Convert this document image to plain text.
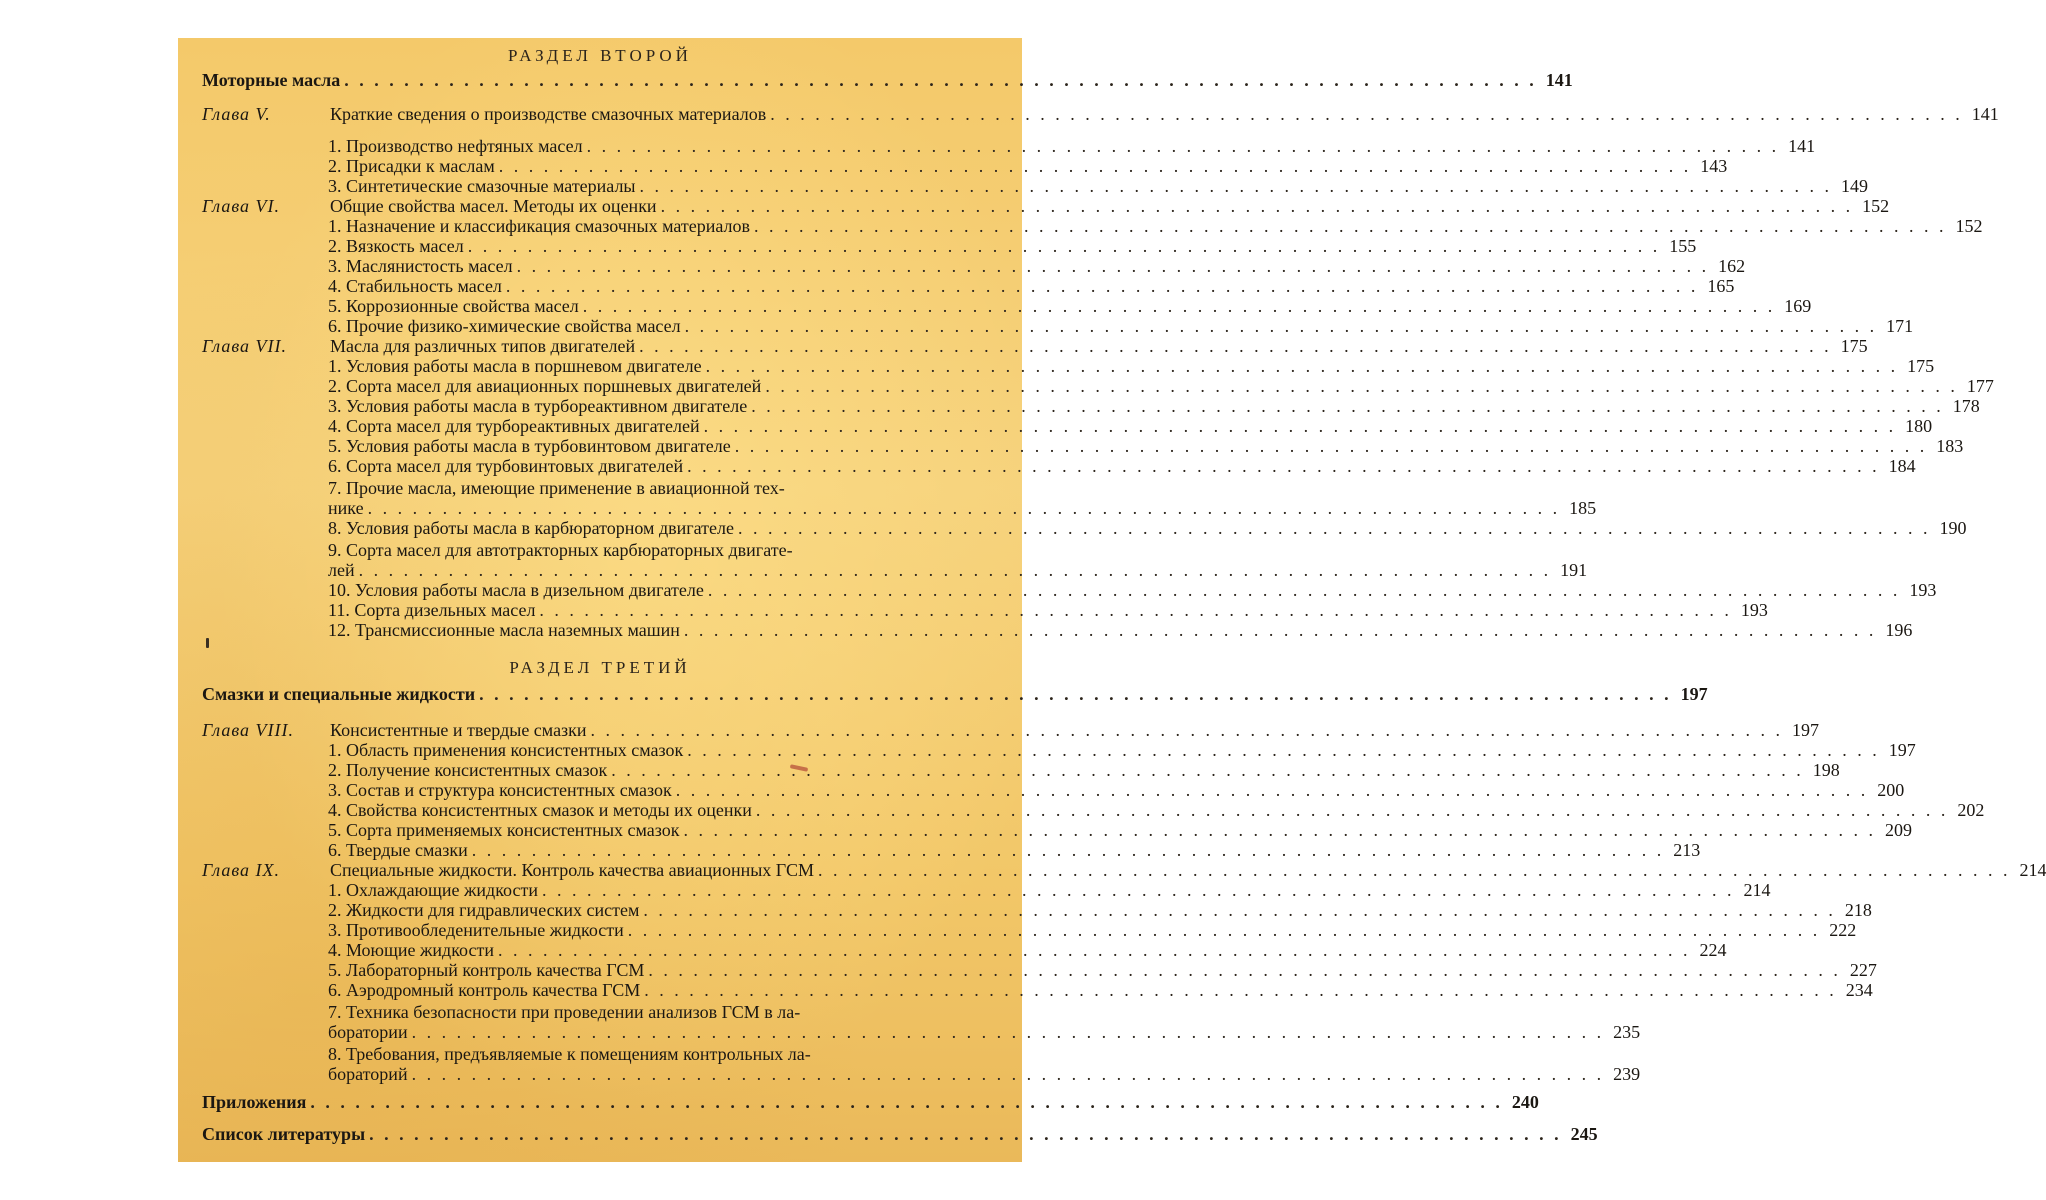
РАЗДЕЛ ВТОРОЙ
Моторные масла . . .	141
Глава V.	Краткие сведения о производстве смазочных материалов . . .	141
1. Производство нефтяных масел . . .	141
2. Присадки к маслам . . .	143
3. Синтетические смазочные материалы . . .	149
Глава VI.	Общие свойства масел. Методы их оценки . . .	152
1. Назначение и классификация смазочных материалов . . .	152
2. Вязкость масел . . .	155
3. Маслянистость масел . . .	162
4. Стабильность масел . . .	165
5. Коррозионные свойства масел . . .	169
6. Прочие физико-химические свойства масел . . .	171
Глава VII. Масла для различных типов двигателей . . .	175
1. Условия работы масла в поршневом двигателе . . .	175
2. Сорта масел для авиационных поршневых двигателей . . .	177
3. Условия работы масла в турбореактивном двигателе . . .	178
4. Сорта масел для турбореактивных двигателей . . .	180
5. Условия работы масла в турбовинтовом двигателе . . .	183
6. Сорта масел для турбовинтовых двигателей . . .	184
7. Прочие масла, имеющие применение в авиационной тех-
нике . . .	185
8. Условия работы масла в карбюраторном двигателе . . .	190
9. Сорта масел для автотракторных карбюраторных двигате-
лей . . .	191
10. Условия работы масла в дизельном двигателе . . .	193
11. Сорта дизельных масел . . .	193
12. Трансмиссионные масла наземных машин . . .	196
РАЗДЕЛ ТРЕТИЙ
Смазки и специальные жидкости . . .	197
Глава VIII. Консистентные и твердые смазки . . .	197
1. Область применения консистентных смазок . . .	197
2. Получение консистентных смазок . . .	198
3. Состав и структура консистентных смазок . . .	200
4. Свойства консистентных смазок и методы их оценки . . .	202
5. Сорта применяемых консистентных смазок . . .	209
6. Твердые смазки . . .	213
Глава IX.	Специальные жидкости. Контроль качества авиационных ГСМ . . .	214
1. Охлаждающие жидкости . . .	214
2. Жидкости для гидравлических систем . . .	218
3. Противообледенительные жидкости . . .	222
4. Моющие жидкости . . .	224
5. Лабораторный контроль качества ГСМ . . .	227
6. Аэродромный контроль качества ГСМ . . .	234
7. Техника безопасности при проведении анализов ГСМ в ла-
боратории . . .	235
8. Требования, предъявляемые к помещениям контрольных ла-
бораторий . . .	239
Приложения . . .	240
Список литературы . . .	245
